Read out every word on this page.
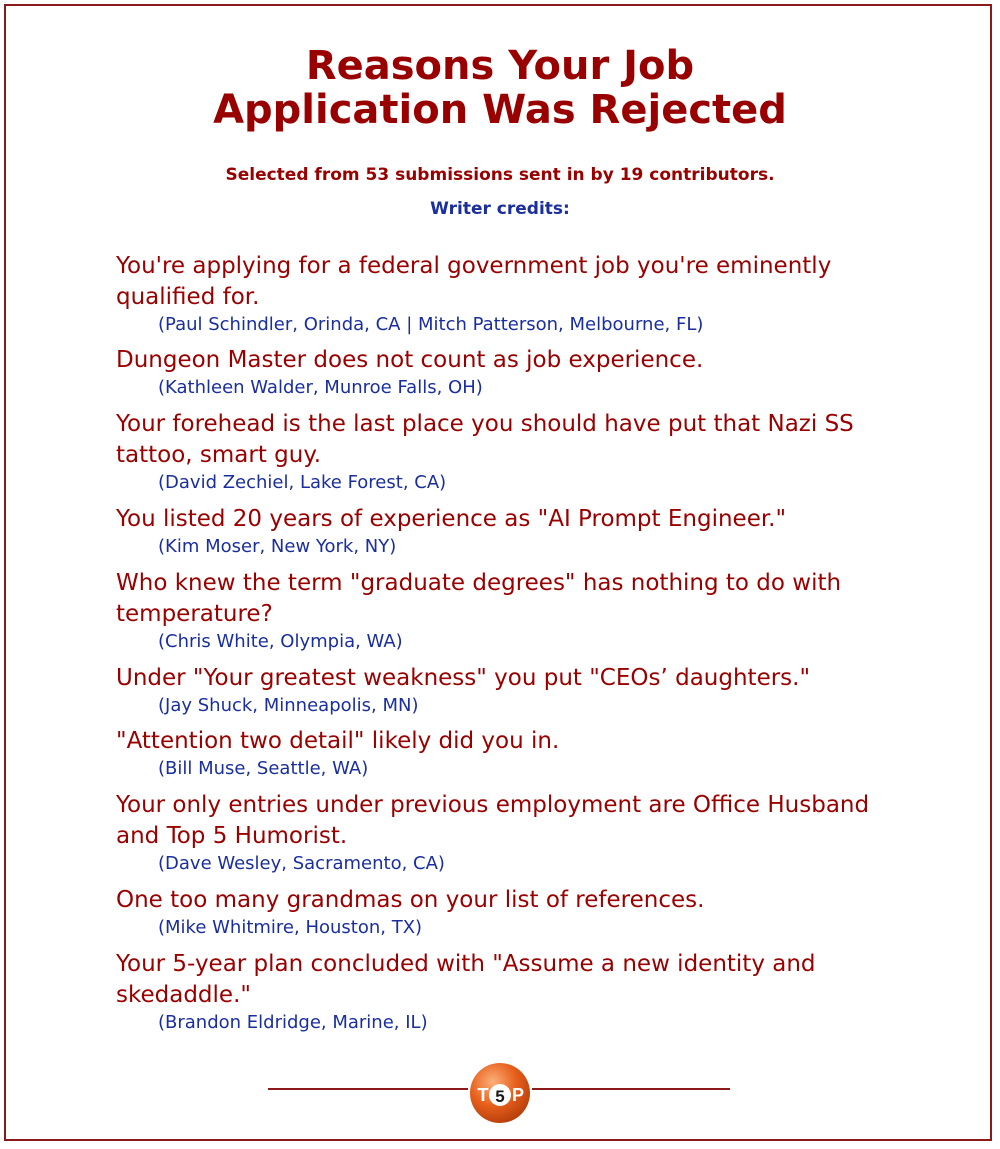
Reasons Your Job
Application Was Rejected
Selected from 53 submissions sent in by 19 contributors.
Writer credits:
You're applying for a federal government job you're eminently qualified for.
(Paul Schindler, Orinda, CA | Mitch Patterson, Melbourne, FL)
Dungeon Master does not count as job experience.
(Kathleen Walder, Munroe Falls, OH)
Your forehead is the last place you should have put that Nazi SS tattoo, smart guy.
(David Zechiel, Lake Forest, CA)
You listed 20 years of experience as "AI Prompt Engineer."
(Kim Moser, New York, NY)
Who knew the term "graduate degrees" has nothing to do with temperature?
(Chris White, Olympia, WA)
Under "Your greatest weakness" you put "CEOs’ daughters."
(Jay Shuck, Minneapolis, MN)
"Attention two detail" likely did you in.
(Bill Muse, Seattle, WA)
Your only entries under previous employment are Office Husband and Top 5 Humorist.
(Dave Wesley, Sacramento, CA)
One too many grandmas on your list of references.
(Mike Whitmire, Houston, TX)
Your 5-year plan concluded with "Assume a new identity and skedaddle."
(Brandon Eldridge, Marine, IL)
T 5 P
